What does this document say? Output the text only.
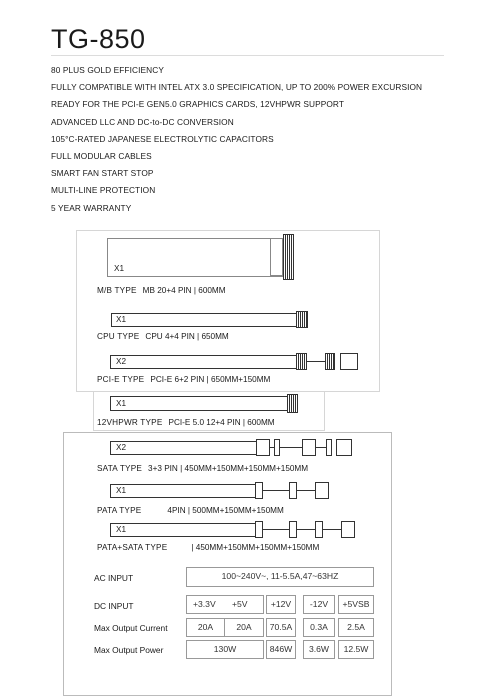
TG-850
80 PLUS GOLD EFFICIENCY
FULLY COMPATIBLE WITH INTEL ATX 3.0 SPECIFICATION, UP TO 200% POWER EXCURSION
READY FOR THE PCI-E GEN5.0 GRAPHICS CARDS, 12VHPWR SUPPORT
ADVANCED LLC AND DC-to-DC CONVERSION
105°C-RATED JAPANESE ELECTROLYTIC CAPACITORS
FULL MODULAR CABLES
SMART FAN START STOP
MULTI-LINE PROTECTION
5 YEAR WARRANTY
X1
M/B TYPE MB 20+4 PIN | 600MM
X1
CPU TYPE CPU 4+4 PIN | 650MM
X2
PCI-E TYPE PCI-E 6+2 PIN | 650MM+150MM
X1
12VHPWR TYPE PCI-E 5.0 12+4 PIN | 600MM
X2
SATA TYPE 3+3 PIN | 450MM+150MM+150MM+150MM
X1
PATA TYPE	4PIN | 500MM+150MM+150MM
X1
PATA+SATA TYPE	| 450MM+150MM+150MM+150MM
AC INPUT	100~240V~, 11-5.5A,47~63HZ
DC INPUT	+3.3V +5V	+12V	-12V	+5VSB
Max Output Current	20A	20A	70.5A	0.3A	2.5A
Max Output Power	130W	846W	3.6W	12.5W
